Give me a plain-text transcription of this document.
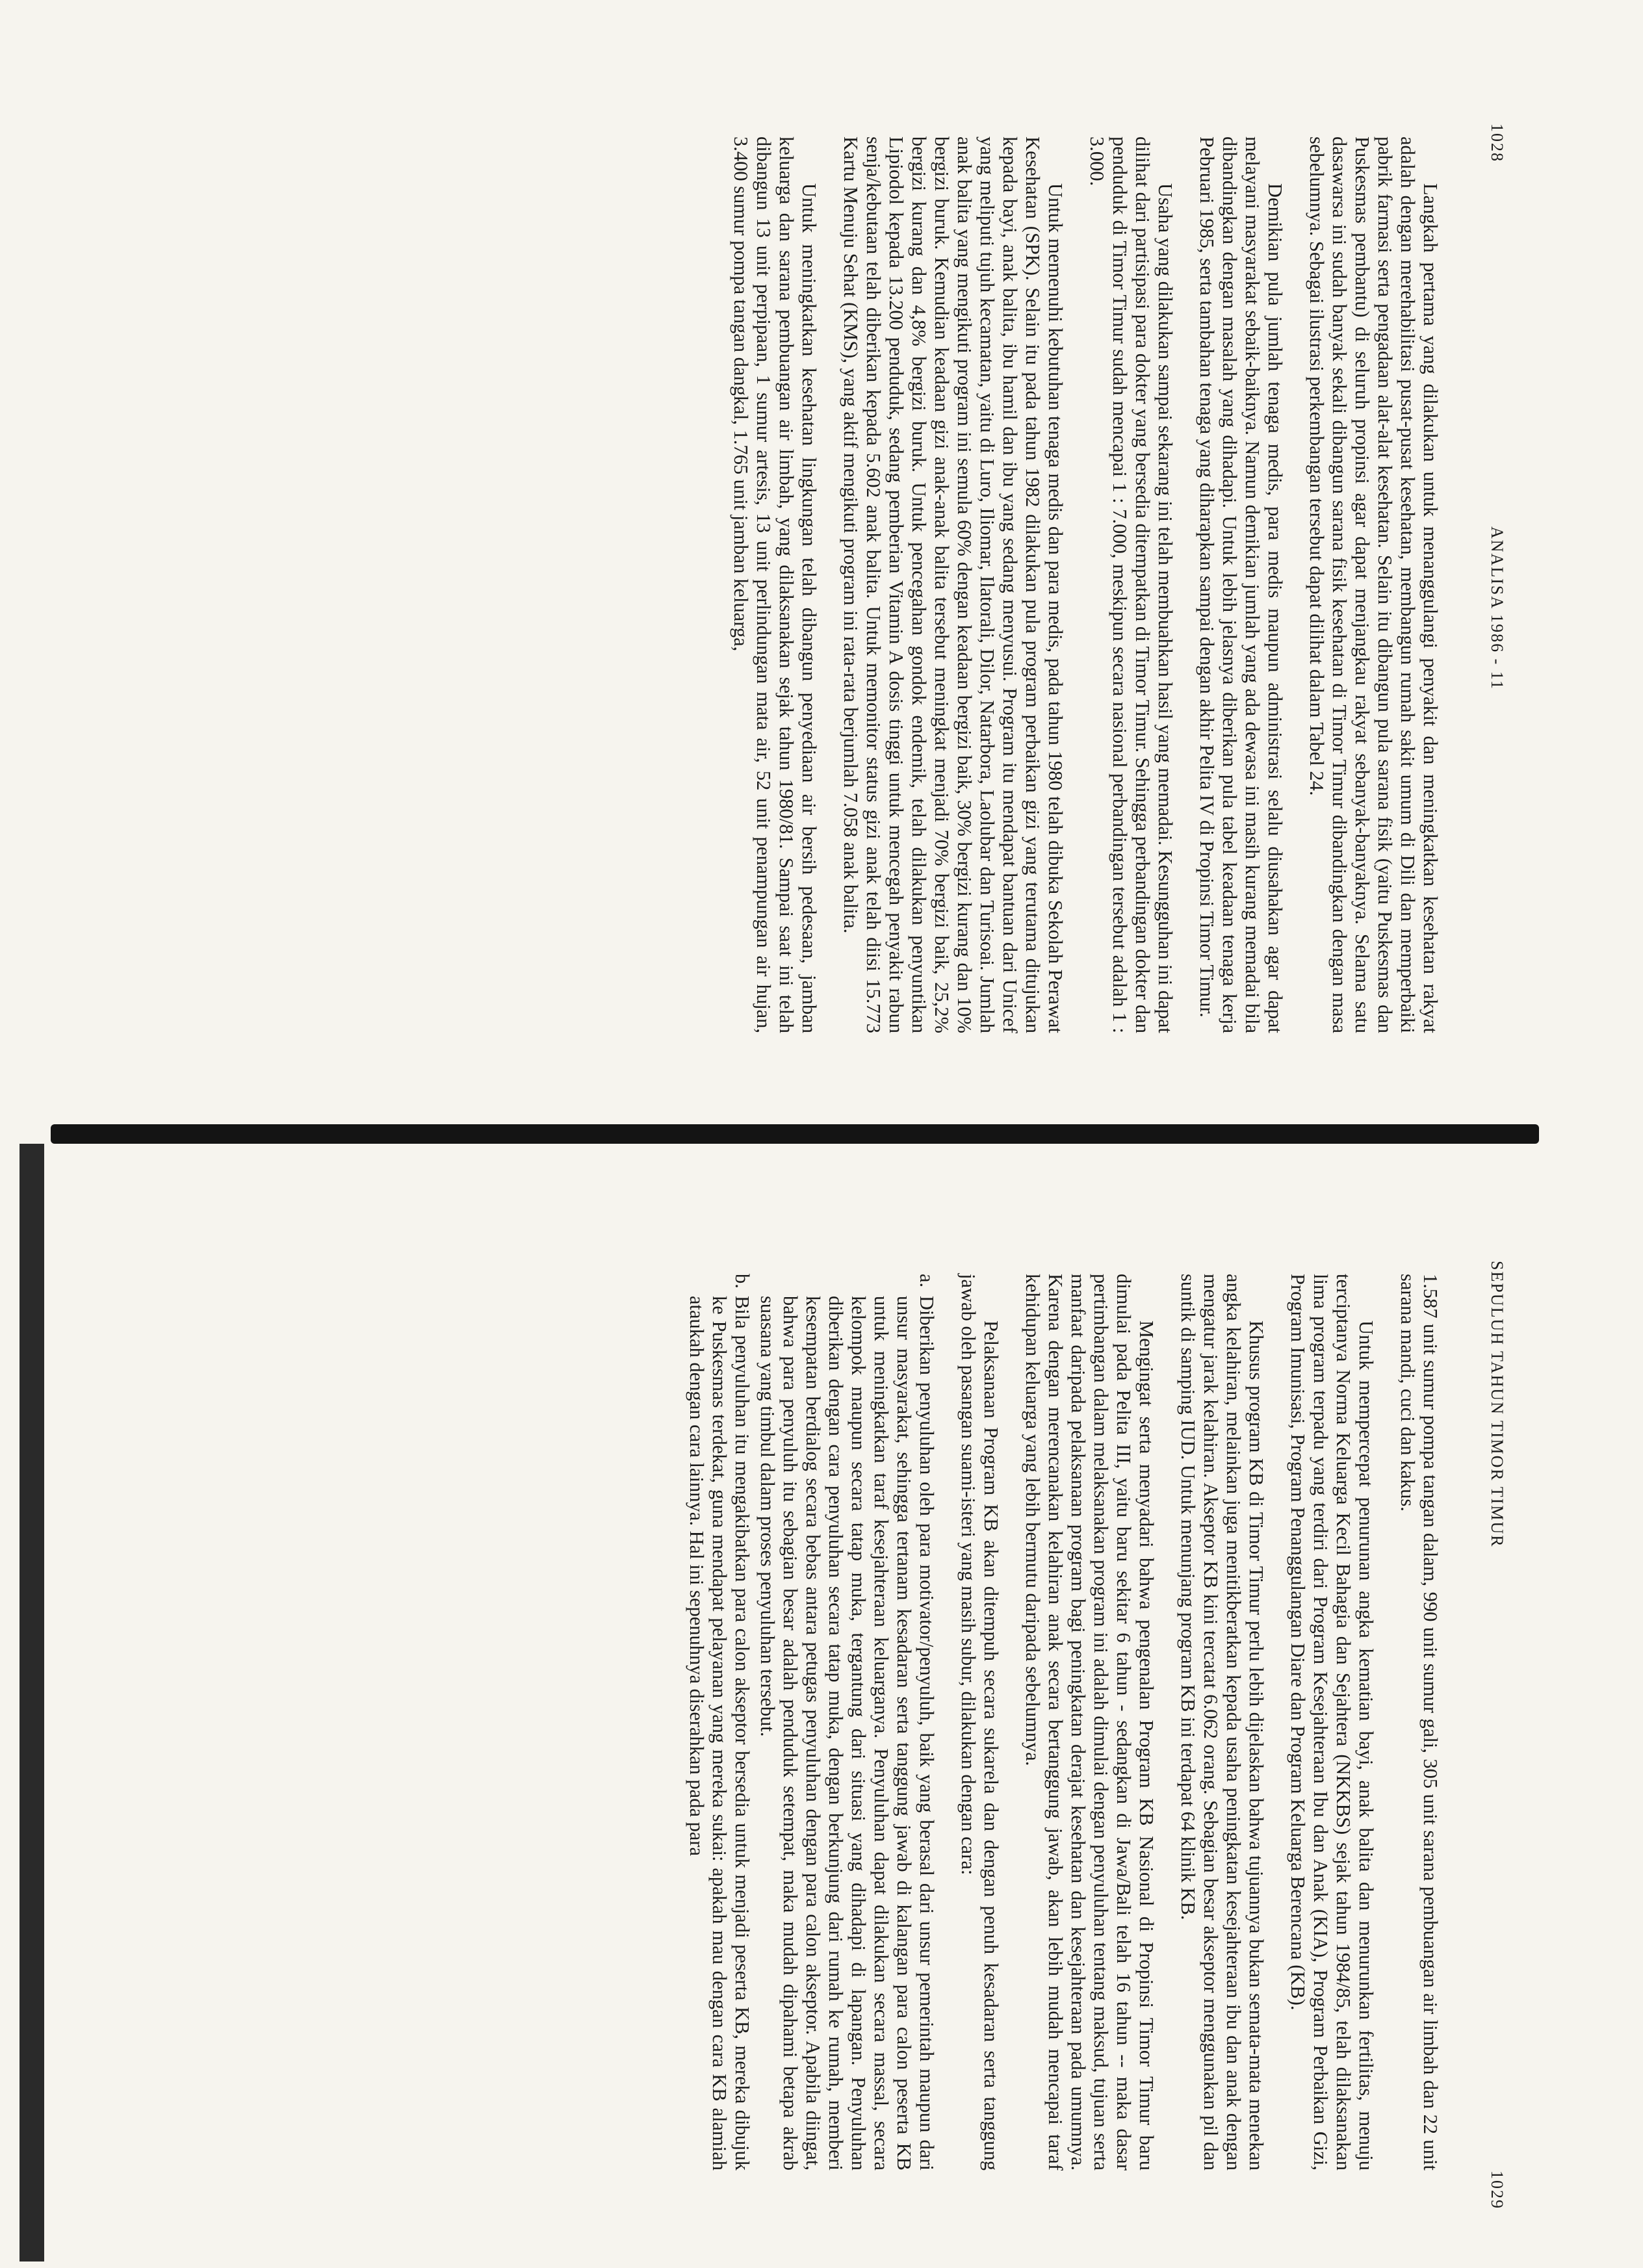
1028
ANALISA 1986 - 11

Langkah pertama yang dilakukan untuk menanggulangi penyakit dan meningkatkan kesehatan rakyat adalah dengan merehabilitasi pusat-pusat kesehatan, membangun rumah sakit umum di Dili dan memperbaiki pabrik farmasi serta pengadaan alat-alat kesehatan. Selain itu dibangun pula sarana fisik (yaitu Puskesmas dan Puskesmas pembantu) di seluruh propinsi agar dapat menjangkau rakyat sebanyak-banyaknya. Selama satu dasawarsa ini sudah banyak sekali dibangun sarana fisik kesehatan di Timor Timur dibandingkan dengan masa sebelumnya. Sebagai ilustrasi perkembangan tersebut dapat dilihat dalam Tabel 24.

Demikian pula jumlah tenaga medis, para medis maupun administrasi selalu diusahakan agar dapat melayani masyarakat sebaik-baiknya. Namun demikian jumlah yang ada dewasa ini masih kurang memadai bila dibandingkan dengan masalah yang dihadapi. Untuk lebih jelasnya diberikan pula tabel keadaan tenaga kerja Pebruari 1985, serta tambahan tenaga yang diharapkan sampai dengan akhir Pelita IV di Propinsi Timor Timur.

Usaha yang dilakukan sampai sekarang ini telah membuahkan hasil yang memadai. Kesungguhan ini dapat dilihat dari partisipasi para dokter yang bersedia ditempatkan di Timor Timur. Sehingga perbandingan dokter dan penduduk di Timor Timur sudah mencapai 1 : 7.000, meskipun secara nasional perbandingan tersebut adalah 1 : 3.000.

Untuk memenuhi kebutuhan tenaga medis dan para medis, pada tahun 1980 telah dibuka Sekolah Perawat Kesehatan (SPK). Selain itu pada tahun 1982 dilakukan pula program perbaikan gizi yang terutama ditujukan kepada bayi, anak balita, ibu hamil dan ibu yang sedang menyusui. Program itu mendapat bantuan dari Unicef yang meliputi tujuh kecamatan, yaitu di Luro, Iliomar, Ilatorali, Dilor, Natarbora, Laolubar dan Turisoai. Jumlah anak balita yang mengikuti program ini semula 60% dengan keadaan bergizi baik, 30% bergizi kurang dan 10% bergizi buruk. Kemudian keadaan gizi anak-anak balita tersebut meningkat menjadi 70% bergizi baik, 25,2% bergizi kurang dan 4,8% bergizi buruk. Untuk pencegahan gondok endemik, telah dilakukan penyuntikan Lipiodol kepada 13.200 penduduk, sedang pemberian Vitamin A dosis tinggi untuk mencegah penyakit rabun senja/kebutaan telah diberikan kepada 5.602 anak balita. Untuk memonitor status gizi anak telah diisi 15.773 Kartu Menuju Sehat (KMS), yang aktif mengikuti program ini rata-rata berjumlah 7.058 anak balita.

Untuk meningkatkan kesehatan lingkungan telah dibangun penyediaan air bersih pedesaan, jamban keluarga dan sarana pembuangan air limbah, yang dilaksanakan sejak tahun 1980/81. Sampai saat ini telah dibangun 13 unit perpipaan, 1 sumur artesis, 13 unit perlindungan mata air, 52 unit penampungan air hujan, 3.400 sumur pompa tangan dangkal, 1.765 unit jamban keluarga,

SEPULUH TAHUN TIMOR TIMUR
1029

1.587 unit sumur pompa tangan dalam, 990 unit sumur gali, 305 unit sarana pembuangan air limbah dan 22 unit sarana mandi, cuci dan kakus.

Untuk mempercepat penurunan angka kematian bayi, anak balita dan menurunkan fertilitas, menuju terciptanya Norma Keluarga Kecil Bahagia dan Sejahtera (NKKBS) sejak tahun 1984/85, telah dilaksanakan lima program terpadu yang terdiri dari Program Kesejahteraan Ibu dan Anak (KIA), Program Perbaikan Gizi, Program Imunisasi, Program Penanggulangan Diare dan Program Keluarga Berencana (KB).

Khusus program KB di Timor Timur perlu lebih dijelaskan bahwa tujuannya bukan semata-mata menekan angka kelahiran, melainkan juga menitikberatkan kepada usaha peningkatan kesejahteraan ibu dan anak dengan mengatur jarak kelahiran. Akseptor KB kini tercatat 6.062 orang. Sebagian besar akseptor menggunakan pil dan suntik di samping IUD. Untuk menunjang program KB ini terdapat 64 klinik KB.

Mengingat serta menyadari bahwa pengenalan Program KB Nasional di Propinsi Timor Timur baru dimulai pada Pelita III, yaitu baru sekitar 6 tahun - sedangkan di Jawa/Bali telah 16 tahun -- maka dasar pertimbangan dalam melaksanakan program ini adalah dimulai dengan penyuluhan tentang maksud, tujuan serta manfaat daripada pelaksanaan program bagi peningkatan derajat kesehatan dan kesejahteraan pada umumnya. Karena dengan merencanakan kelahiran anak secara bertanggung jawab, akan lebih mudah mencapai taraf kehidupan keluarga yang lebih bermutu daripada sebelumnya.

Pelaksanaan Program KB akan ditempuh secara sukarela dan dengan penuh kesadaran serta tanggung jawab oleh pasangan suami-isteri yang masih subur, dilakukan dengan cara:

a.
Diberikan penyuluhan oleh para motivator/penyuluh, baik yang berasal dari unsur pemerintah maupun dari unsur masyarakat, sehingga tertanam kesadaran serta tanggung jawab di kalangan para calon peserta KB untuk meningkatkan taraf kesejahteraan keluarganya. Penyuluhan dapat dilakukan secara massal, secara kelompok maupun secara tatap muka, tergantung dari situasi yang dihadapi di lapangan. Penyuluhan diberikan dengan cara penyuluhan secara tatap muka, dengan berkunjung dari rumah ke rumah, memberi kesempatan berdialog secara bebas antara petugas penyuluhan dengan para calon akseptor. Apabila diingat, bahwa para penyuluh itu sebagian besar adalah penduduk setempat, maka mudah dipahami betapa akrab suasana yang timbul dalam proses penyuluhan tersebut.
b.
Bila penyuluhan itu mengakibatkan para calon akseptor bersedia untuk menjadi peserta KB, mereka dibujuk ke Puskesmas terdekat, guna mendapat pelayanan yang mereka sukai: apakah mau dengan cara KB alamiah ataukah dengan cara lainnya. Hal ini sepenuhnya diserahkan pada para
